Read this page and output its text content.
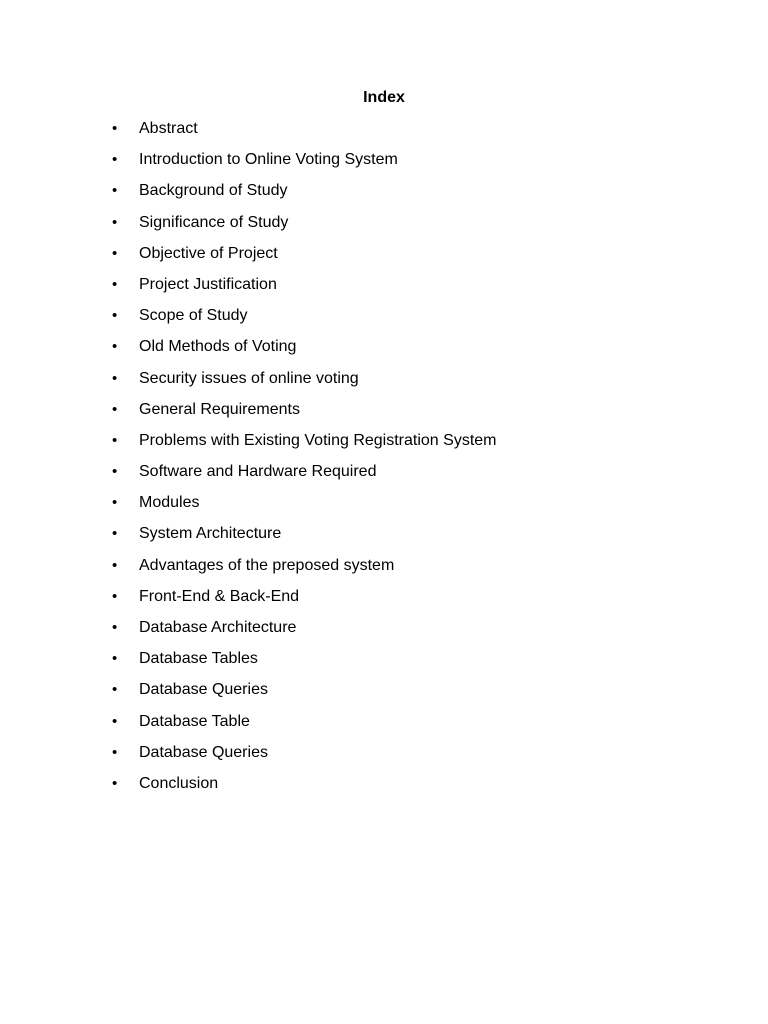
Index
•	Abstract
•	Introduction to Online Voting System
•	Background of Study
•	Significance of Study
•	Objective of Project
•	Project Justification
•	Scope of Study
•	Old Methods of Voting
•	Security issues of online voting
•	General Requirements
•	Problems with Existing Voting Registration System
•	Software and Hardware Required
•	Modules
•	System Architecture
•	Advantages of the preposed system
•	Front-End & Back-End
•	Database Architecture
•	Database Tables
•	Database Queries
•	Database Table
•	Database Queries
•	Conclusion
